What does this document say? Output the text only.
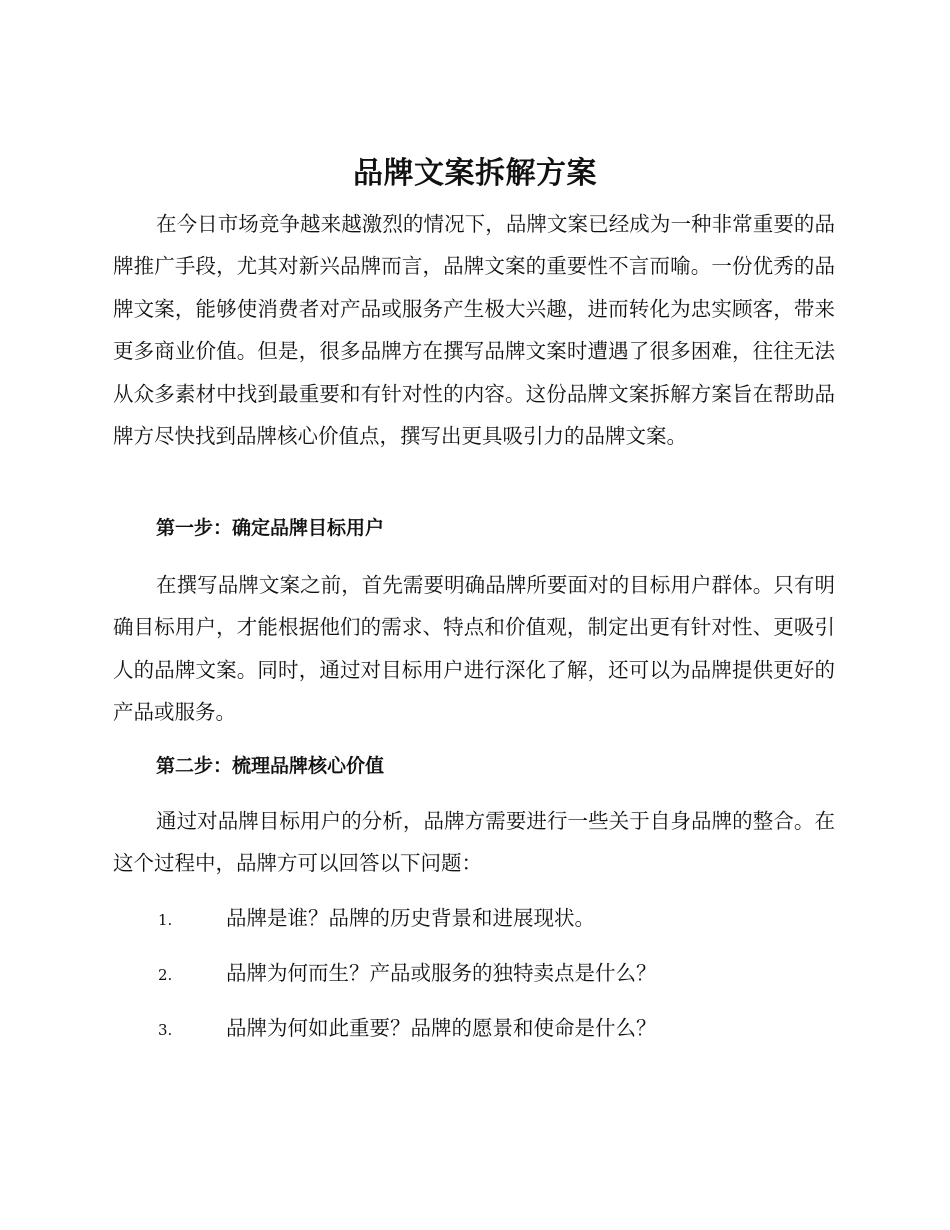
品牌文案拆解方案

在今日市场竞争越来越激烈的情况下，品牌文案已经成为一种非常重要的品牌推广手段，尤其对新兴品牌而言，品牌文案的重要性不言而喻。一份优秀的品牌文案，能够使消费者对产品或服务产生极大兴趣，进而转化为忠实顾客，带来更多商业价值。但是，很多品牌方在撰写品牌文案时遭遇了很多困难，往往无法从众多素材中找到最重要和有针对性的内容。这份品牌文案拆解方案旨在帮助品牌方尽快找到品牌核心价值点，撰写出更具吸引力的品牌文案。

第一步：确定品牌目标用户

在撰写品牌文案之前，首先需要明确品牌所要面对的目标用户群体。只有明确目标用户，才能根据他们的需求、特点和价值观，制定出更有针对性、更吸引人的品牌文案。同时，通过对目标用户进行深化了解，还可以为品牌提供更好的产品或服务。

第二步：梳理品牌核心价值

通过对品牌目标用户的分析，品牌方需要进行一些关于自身品牌的整合。在这个过程中，品牌方可以回答以下问题：

1.	品牌是谁？品牌的历史背景和进展现状。
2.	品牌为何而生？产品或服务的独特卖点是什么？
3.	品牌为何如此重要？品牌的愿景和使命是什么？
